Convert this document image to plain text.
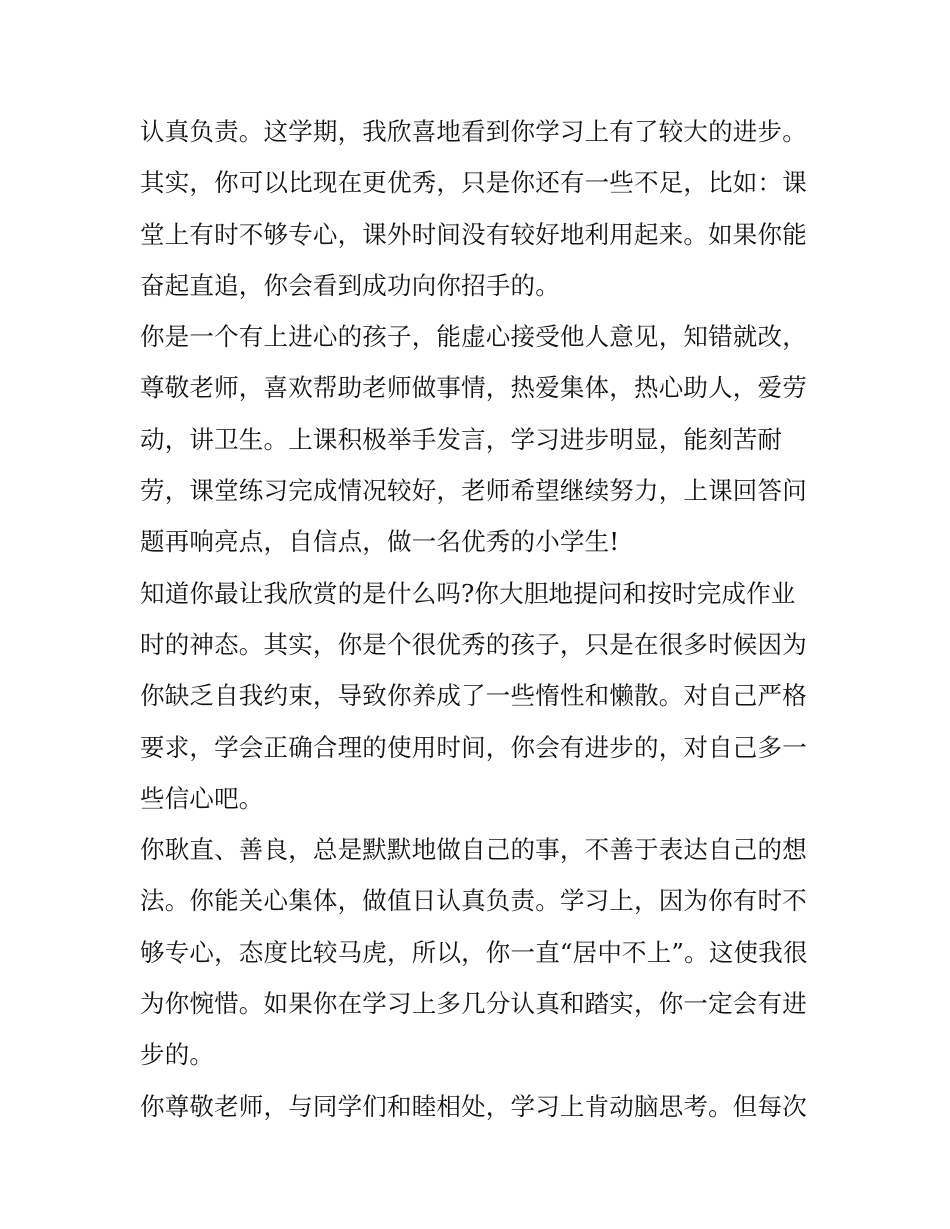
认真负责。这学期，我欣喜地看到你学习上有了较大的进步。
其实，你可以比现在更优秀，只是你还有一些不足，比如：课
堂上有时不够专心，课外时间没有较好地利用起来。如果你能
奋起直追，你会看到成功向你招手的。
你是一个有上进心的孩子，能虚心接受他人意见，知错就改，
尊敬老师，喜欢帮助老师做事情，热爱集体，热心助人，爱劳
动，讲卫生。上课积极举手发言，学习进步明显，能刻苦耐
劳，课堂练习完成情况较好，老师希望继续努力，上课回答问
题再响亮点，自信点，做一名优秀的小学生!
知道你最让我欣赏的是什么吗?你大胆地提问和按时完成作业
时的神态。其实，你是个很优秀的孩子，只是在很多时候因为
你缺乏自我约束，导致你养成了一些惰性和懒散。对自己严格
要求，学会正确合理的使用时间，你会有进步的，对自己多一
些信心吧。
你耿直、善良，总是默默地做自己的事，不善于表达自己的想
法。你能关心集体，做值日认真负责。学习上，因为你有时不
够专心，态度比较马虎，所以，你一直“居中不上”。这使我很
为你惋惜。如果你在学习上多几分认真和踏实，你一定会有进
步的。
你尊敬老师，与同学们和睦相处，学习上肯动脑思考。但每次
